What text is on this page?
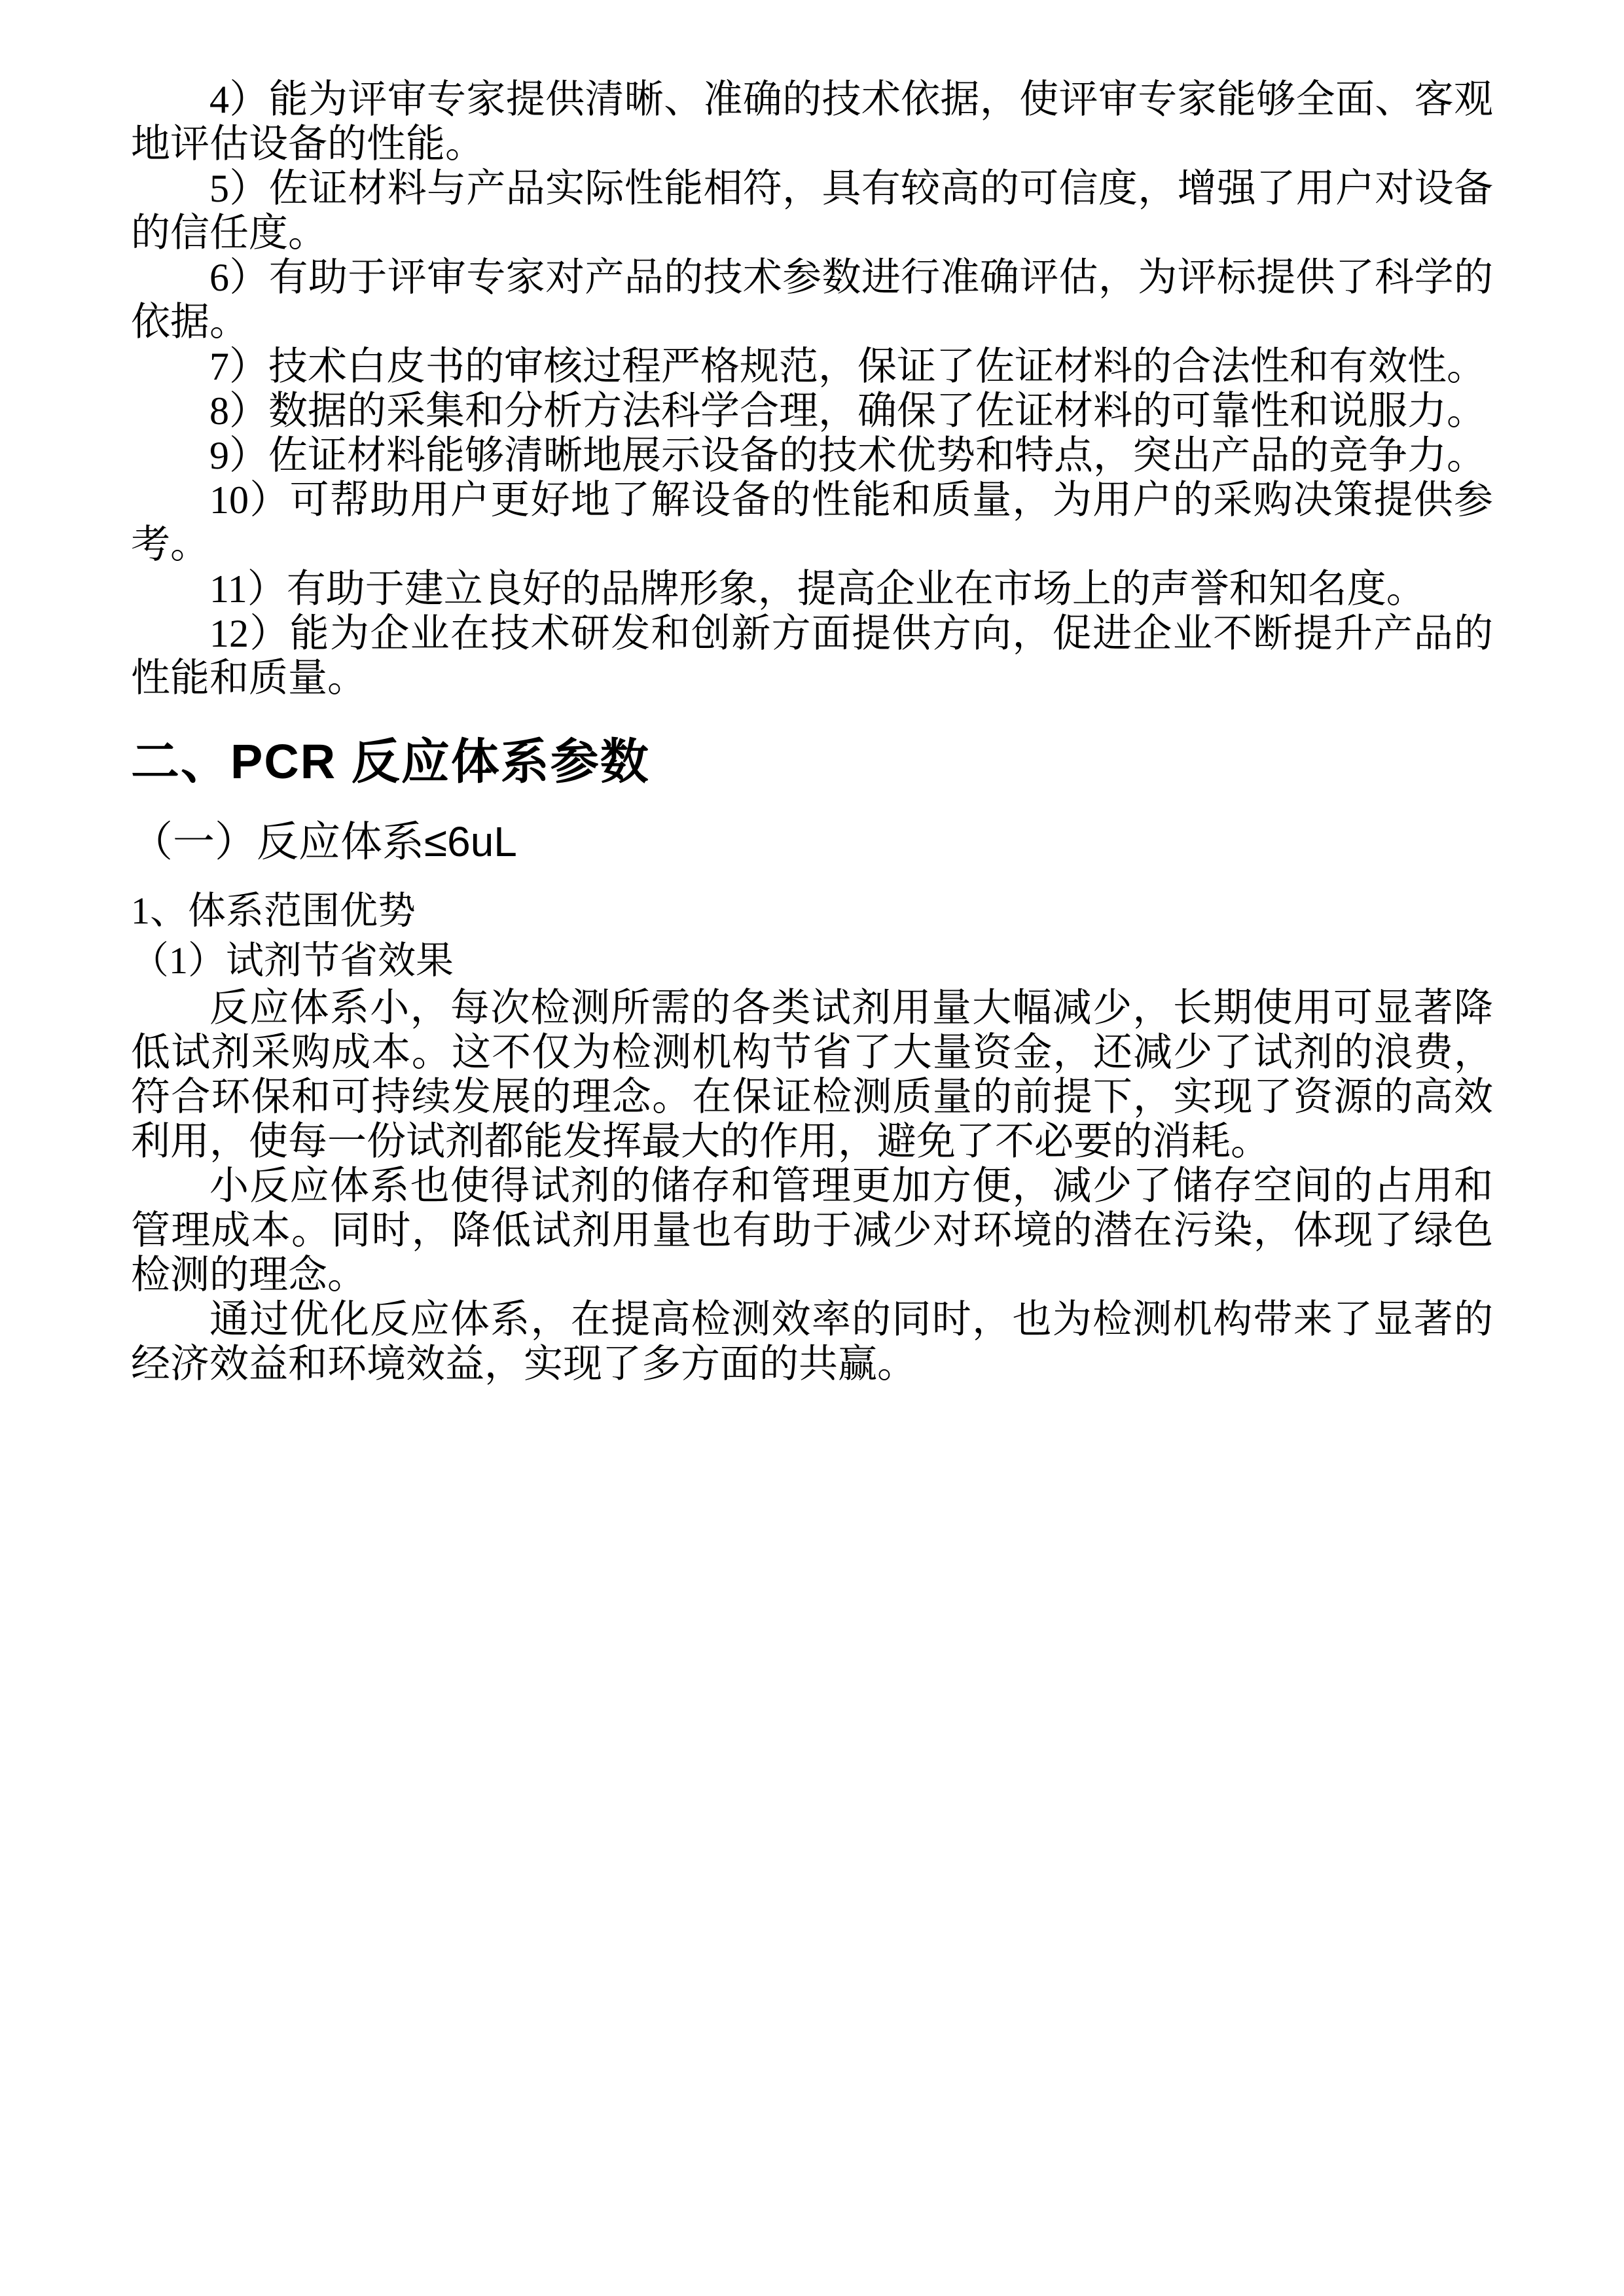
4）能为评审专家提供清晰、准确的技术依据，使评审专家能够全面、客观地评估设备的性能。

5）佐证材料与产品实际性能相符，具有较高的可信度，增强了用户对设备的信任度。

6）有助于评审专家对产品的技术参数进行准确评估，为评标提供了科学的依据。

7）技术白皮书的审核过程严格规范，保证了佐证材料的合法性和有效性。

8）数据的采集和分析方法科学合理，确保了佐证材料的可靠性和说服力。

9）佐证材料能够清晰地展示设备的技术优势和特点，突出产品的竞争力。

10）可帮助用户更好地了解设备的性能和质量，为用户的采购决策提供参考。

11）有助于建立良好的品牌形象，提高企业在市场上的声誉和知名度。

12）能为企业在技术研发和创新方面提供方向，促进企业不断提升产品的性能和质量。

二、PCR 反应体系参数
（一）反应体系≤6uL

1、体系范围优势

（1）试剂节省效果

反应体系小，每次检测所需的各类试剂用量大幅减少，长期使用可显著降低试剂采购成本。这不仅为检测机构节省了大量资金，还减少了试剂的浪费，符合环保和可持续发展的理念。在保证检测质量的前提下，实现了资源的高效利用，使每一份试剂都能发挥最大的作用，避免了不必要的消耗。

小反应体系也使得试剂的储存和管理更加方便，减少了储存空间的占用和管理成本。同时，降低试剂用量也有助于减少对环境的潜在污染，体现了绿色检测的理念。

通过优化反应体系，在提高检测效率的同时，也为检测机构带来了显著的经济效益和环境效益，实现了多方面的共赢。
